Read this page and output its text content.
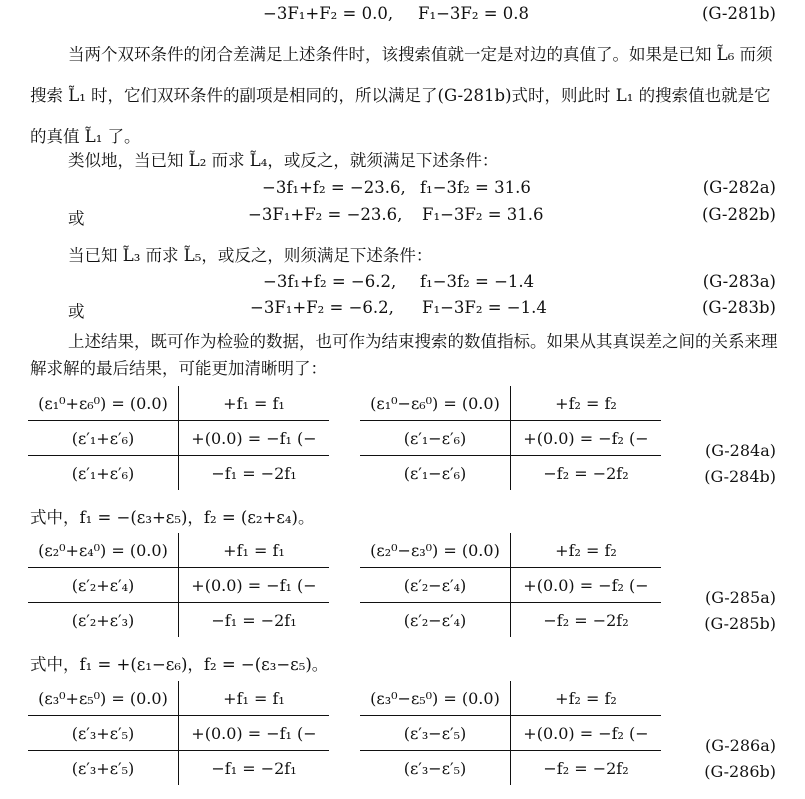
−3F₁+F₂ = 0.0, F₁−3F₂ = 0.8	(G-281b)
当两个双环条件的闭合差满足上述条件时，该搜索值就一定是对边的真值了。如果是已知 L̃₆ 而须搜索 L̃₁ 时，它们双环条件的副项是相同的，所以满足了(G-281b)式时，则此时 L₁ 的搜索值也就是它的真值 L̃₁ 了。
类似地，当已知 L̃₂ 而求 L̃₄，或反之，就须满足下述条件：
−3f₁+f₂ = −23.6, f₁−3f₂ = 31.6	(G-282a)
或	−3F₁+F₂ = −23.6, F₁−3F₂ = 31.6	(G-282b)
当已知 L̃₃ 而求 L̃₅，或反之，则须满足下述条件：
−3f₁+f₂ = −6.2, f₁−3f₂ = −1.4	(G-283a)
或	−3F₁+F₂ = −6.2, F₁−3F₂ = −1.4	(G-283b)
上述结果，既可作为检验的数据，也可作为结束搜索的数值指标。如果从其真误差之间的关系来理解求解的最后结果，可能更加清晰明了：
(ε₁⁰+ε₆⁰) = (0.0)	+f₁ = f₁
(ε′₁+ε′₆)	+(0.0) = −f₁ (−
(ε′₁+ε′₆)	−f₁ = −2f₁
(ε₁⁰−ε₆⁰) = (0.0)	+f₂ = f₂
(ε′₁−ε′₆)	+(0.0) = −f₂ (−
(ε′₁−ε′₆)	−f₂ = −2f₂
(G-284a)
(G-284b)
式中，f₁ = −(ε₃+ε₅)，f₂ = (ε₂+ε₄)。
(ε₂⁰+ε₄⁰) = (0.0)	+f₁ = f₁
(ε′₂+ε′₄)	+(0.0) = −f₁ (−
(ε′₂+ε′₃)	−f₁ = −2f₁
(ε₂⁰−ε₃⁰) = (0.0)	+f₂ = f₂
(ε′₂−ε′₄)	+(0.0) = −f₂ (−
(ε′₂−ε′₄)	−f₂ = −2f₂
(G-285a)
(G-285b)
式中，f₁ = +(ε₁−ε₆)，f₂ = −(ε₃−ε₅)。
(ε₃⁰+ε₅⁰) = (0.0)	+f₁ = f₁
(ε′₃+ε′₅)	+(0.0) = −f₁ (−
(ε′₃+ε′₅)	−f₁ = −2f₁
(ε₃⁰−ε₅⁰) = (0.0)	+f₂ = f₂
(ε′₃−ε′₅)	+(0.0) = −f₂ (−
(ε′₃−ε′₅)	−f₂ = −2f₂
(G-286a)
(G-286b)
